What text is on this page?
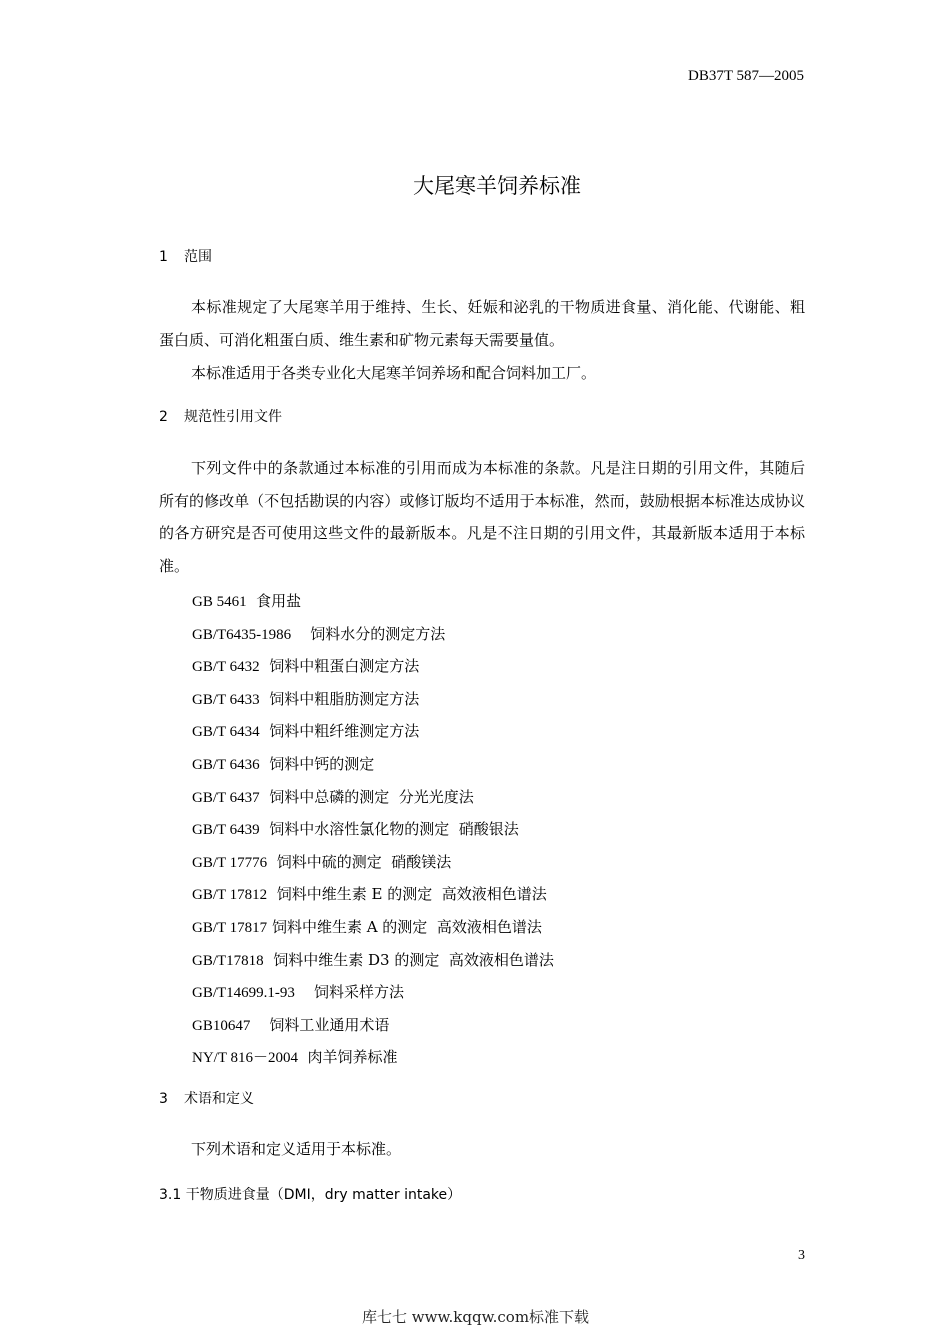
DB37T 587—2005
大尾寒羊饲养标准
1 范围
本标准规定了大尾寒羊用于维持、生长、妊娠和泌乳的干物质进食量、消化能、代谢能、粗蛋白质、可消化粗蛋白质、维生素和矿物元素每天需要量值。
本标准适用于各类专业化大尾寒羊饲养场和配合饲料加工厂。
2 规范性引用文件
下列文件中的条款通过本标准的引用而成为本标准的条款。凡是注日期的引用文件，其随后所有的修改单（不包括勘误的内容）或修订版均不适用于本标准，然而，鼓励根据本标准达成协议的各方研究是否可使用这些文件的最新版本。凡是不注日期的引用文件，其最新版本适用于本标准。
GB 5461 食用盐
GB/T6435-1986 饲料水分的测定方法
GB/T 6432 饲料中粗蛋白测定方法
GB/T 6433 饲料中粗脂肪测定方法
GB/T 6434 饲料中粗纤维测定方法
GB/T 6436 饲料中钙的测定
GB/T 6437 饲料中总磷的测定  分光光度法
GB/T 6439 饲料中水溶性氯化物的测定  硝酸银法
GB/T 17776 饲料中硫的测定  硝酸镁法
GB/T 17812 饲料中维生素 E 的测定  高效液相色谱法
GB/T 17817 饲料中维生素 A 的测定  高效液相色谱法
GB/T17818 饲料中维生素 D3 的测定  高效液相色谱法
GB/T14699.1-93 饲料采样方法
GB10647 饲料工业通用术语
NY/T 816－2004 肉羊饲养标准
3 术语和定义
下列术语和定义适用于本标准。
3.1 干物质进食量（DMI，dry matter intake）
3
库七七 www.kqqw.com标准下载
